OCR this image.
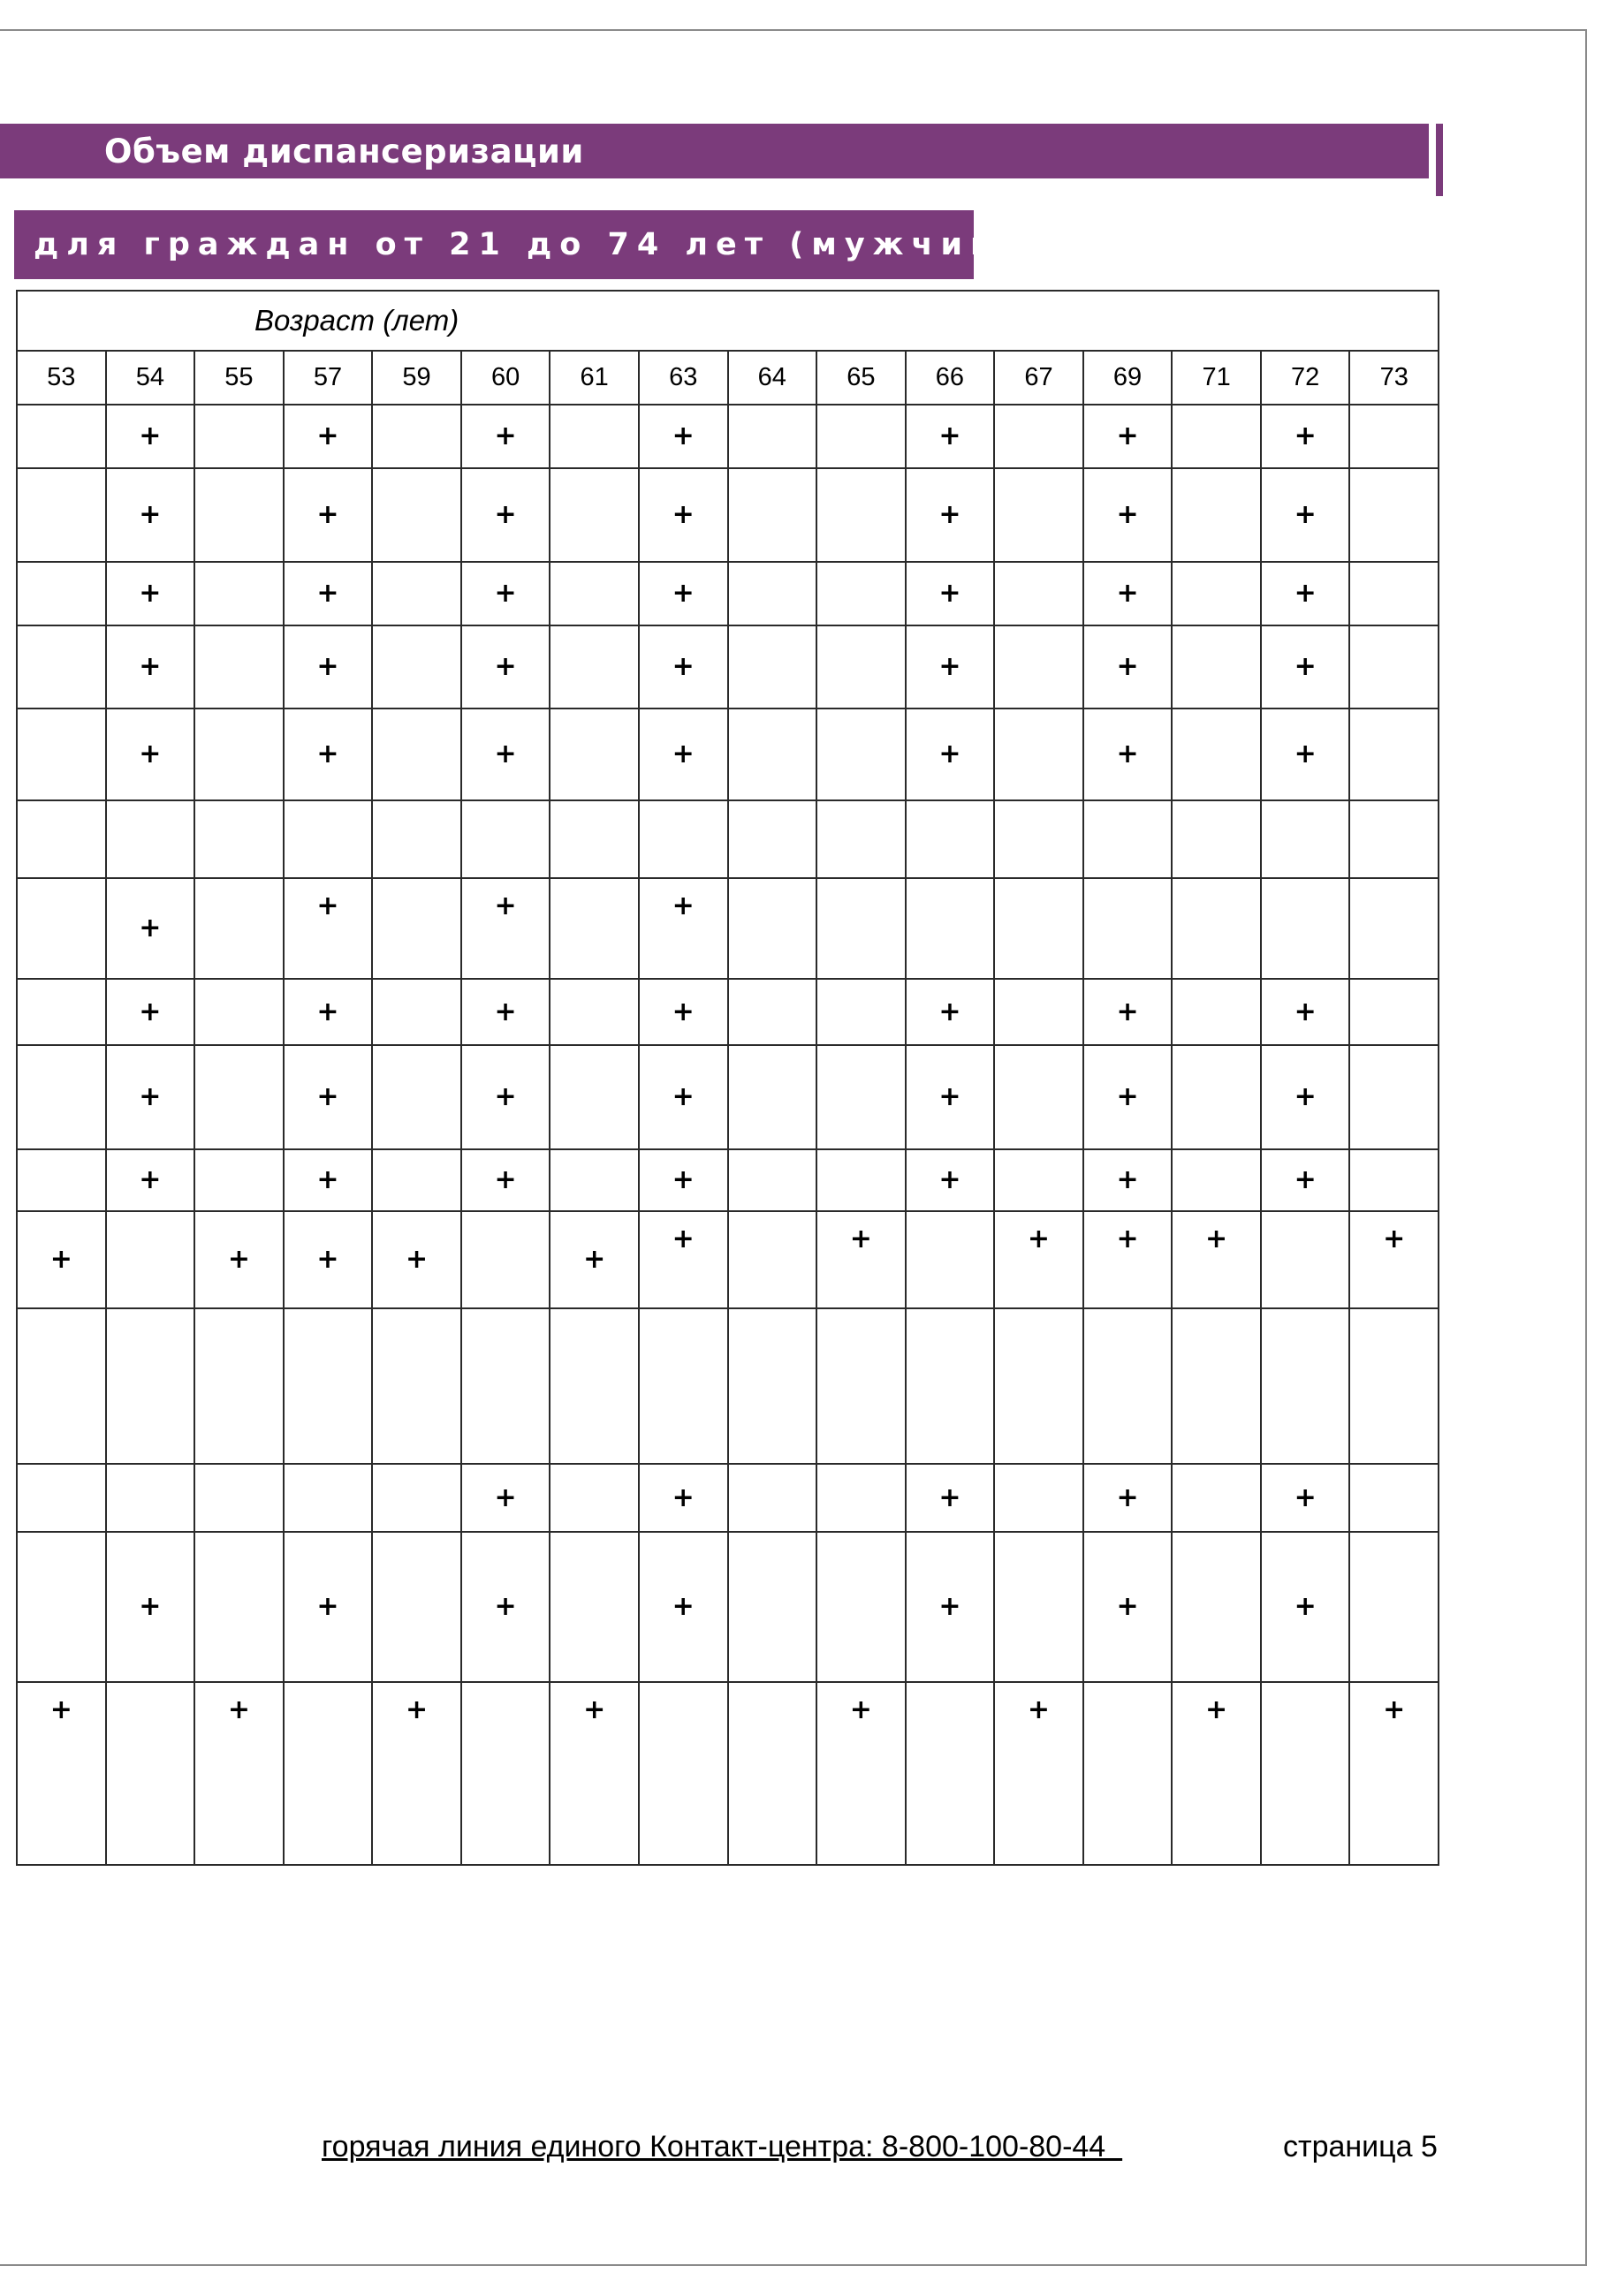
Объем диспансеризации
для граждан от 21 до 74 лет (мужчины)
Возраст (лет)															
53	54	55	57	59	60	61	63	64	65	66	67	69	71	72	73
	+		+		+		+			+		+		+	
	+		+		+		+			+		+		+	
	+		+		+		+			+		+		+	
	+		+		+		+			+		+		+	
	+		+		+		+			+		+		+	

	+		+		+		+								
	+		+		+		+			+		+		+	
	+		+		+		+			+		+		+	
	+		+		+		+			+		+		+	
+		+	+	+		+	+		+		+	+	+		+

					+		+			+		+		+	
	+		+		+		+			+		+		+	
+		+		+		+			+		+		+		+
горячая линия единого Контакт-центра: 8-800-100-80-44	страница 5
